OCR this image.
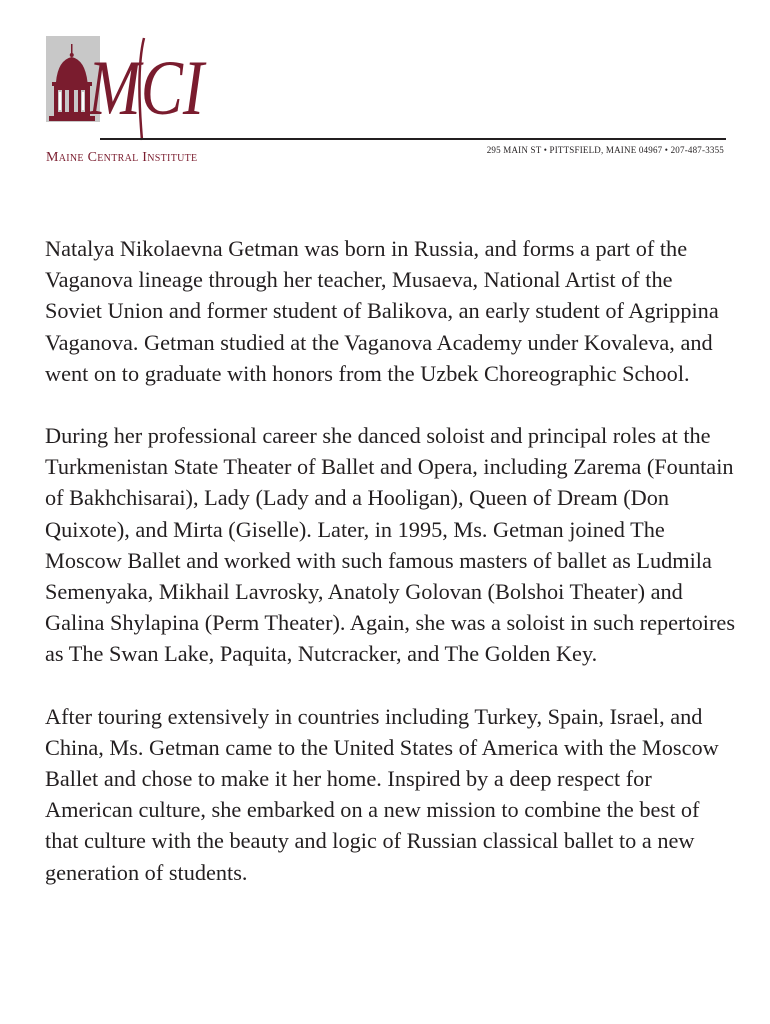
MCI
Maine Central Institute	295 MAIN ST • PITTSFIELD, MAINE 04967 • 207-487-3355

Natalya Nikolaevna Getman was born in Russia, and forms a part of the Vaganova lineage through her teacher, Musaeva, National Artist of the Soviet Union and former student of Balikova, an early student of Agrippina Vaganova. Getman studied at the Vaganova Academy under Kovaleva, and went on to graduate with honors from the Uzbek Choreographic School.

During her professional career she danced soloist and principal roles at the Turkmenistan State Theater of Ballet and Opera, including Zarema (Fountain of Bakhchisarai), Lady (Lady and a Hooligan), Queen of Dream (Don Quixote), and Mirta (Giselle). Later, in 1995, Ms. Getman joined The Moscow Ballet and worked with such famous masters of ballet as Ludmila Semenyaka, Mikhail Lavrosky, Anatoly Golovan (Bolshoi Theater) and Galina Shylapina (Perm Theater). Again, she was a soloist in such repertoires as The Swan Lake, Paquita, Nutcracker, and The Golden Key.

After touring extensively in countries including Turkey, Spain, Israel, and China, Ms. Getman came to the United States of America with the Moscow Ballet and chose to make it her home. Inspired by a deep respect for American culture, she embarked on a new mission to combine the best of that culture with the beauty and logic of Russian classical ballet to a new generation of students.
